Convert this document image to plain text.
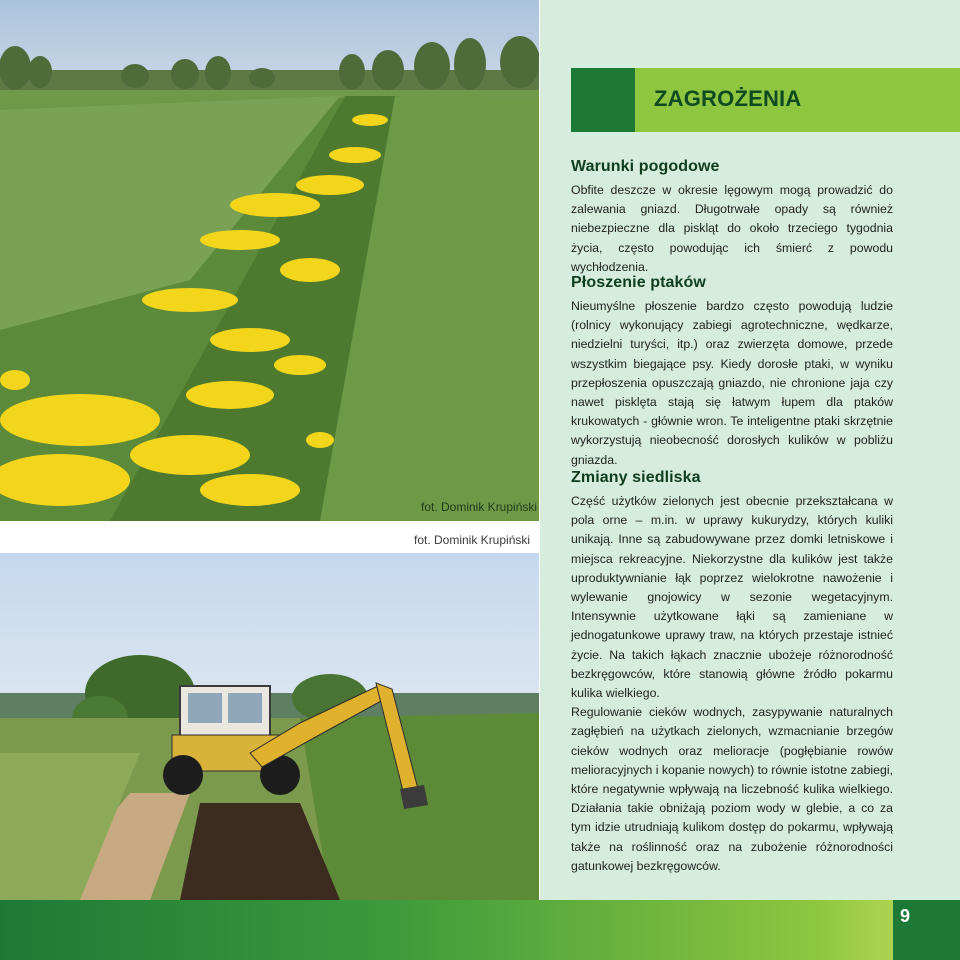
fot. Dominik Krupiński
fot. Dominik Krupiński
ZAGROŻENIA
Warunki pogodowe

Obfite deszcze w okresie lęgowym mogą prowadzić do zalewania gniazd. Długotrwałe opady są również niebezpieczne dla piskląt do około trzeciego tygodnia życia, często powodując ich śmierć z powodu wychłodzenia.

Płoszenie ptaków

Nieumyślne płoszenie bardzo często powodują ludzie (rolnicy wykonujący zabiegi agrotechniczne, wędkarze, niedzielni turyści, itp.) oraz zwierzęta domowe, przede wszystkim biegające psy. Kiedy dorosłe ptaki, w wyniku przepłoszenia opuszczają gniazdo, nie chronione jaja czy nawet pisklęta stają się łatwym łupem dla ptaków krukowatych - głównie wron. Te inteligentne ptaki skrzętnie wykorzystują nieobecność dorosłych kulików w pobliżu gniazda.

Zmiany siedliska

Część użytków zielonych jest obecnie przekształcana w pola orne – m.in. w uprawy kukurydzy, których kuliki unikają. Inne są zabudowywane przez domki letniskowe i miejsca rekreacyjne. Niekorzystne dla kulików jest także uproduktywnianie łąk poprzez wielokrotne nawożenie i wylewanie gnojowicy w sezonie wegetacyjnym. Intensywnie użytkowane łąki są zamieniane w jednogatunkowe uprawy traw, na których przestaje istnieć życie. Na takich łąkach znacznie ubożeje różnorodność bezkręgowców, które stanowią główne źródło pokarmu kulika wielkiego.

Regulowanie cieków wodnych, zasypywanie naturalnych zagłębień na użytkach zielonych, wzmacnianie brzegów cieków wodnych oraz melioracje (pogłębianie rowów melioracyjnych i kopanie nowych) to równie istotne zabiegi, które negatywnie wpływają na liczebność kulika wielkiego. Działania takie obniżają poziom wody w glebie, a co za tym idzie utrudniają kulikom dostęp do pokarmu, wpływają także na roślinność oraz na zubożenie różnorodności gatunkowej bezkręgowców.

9
